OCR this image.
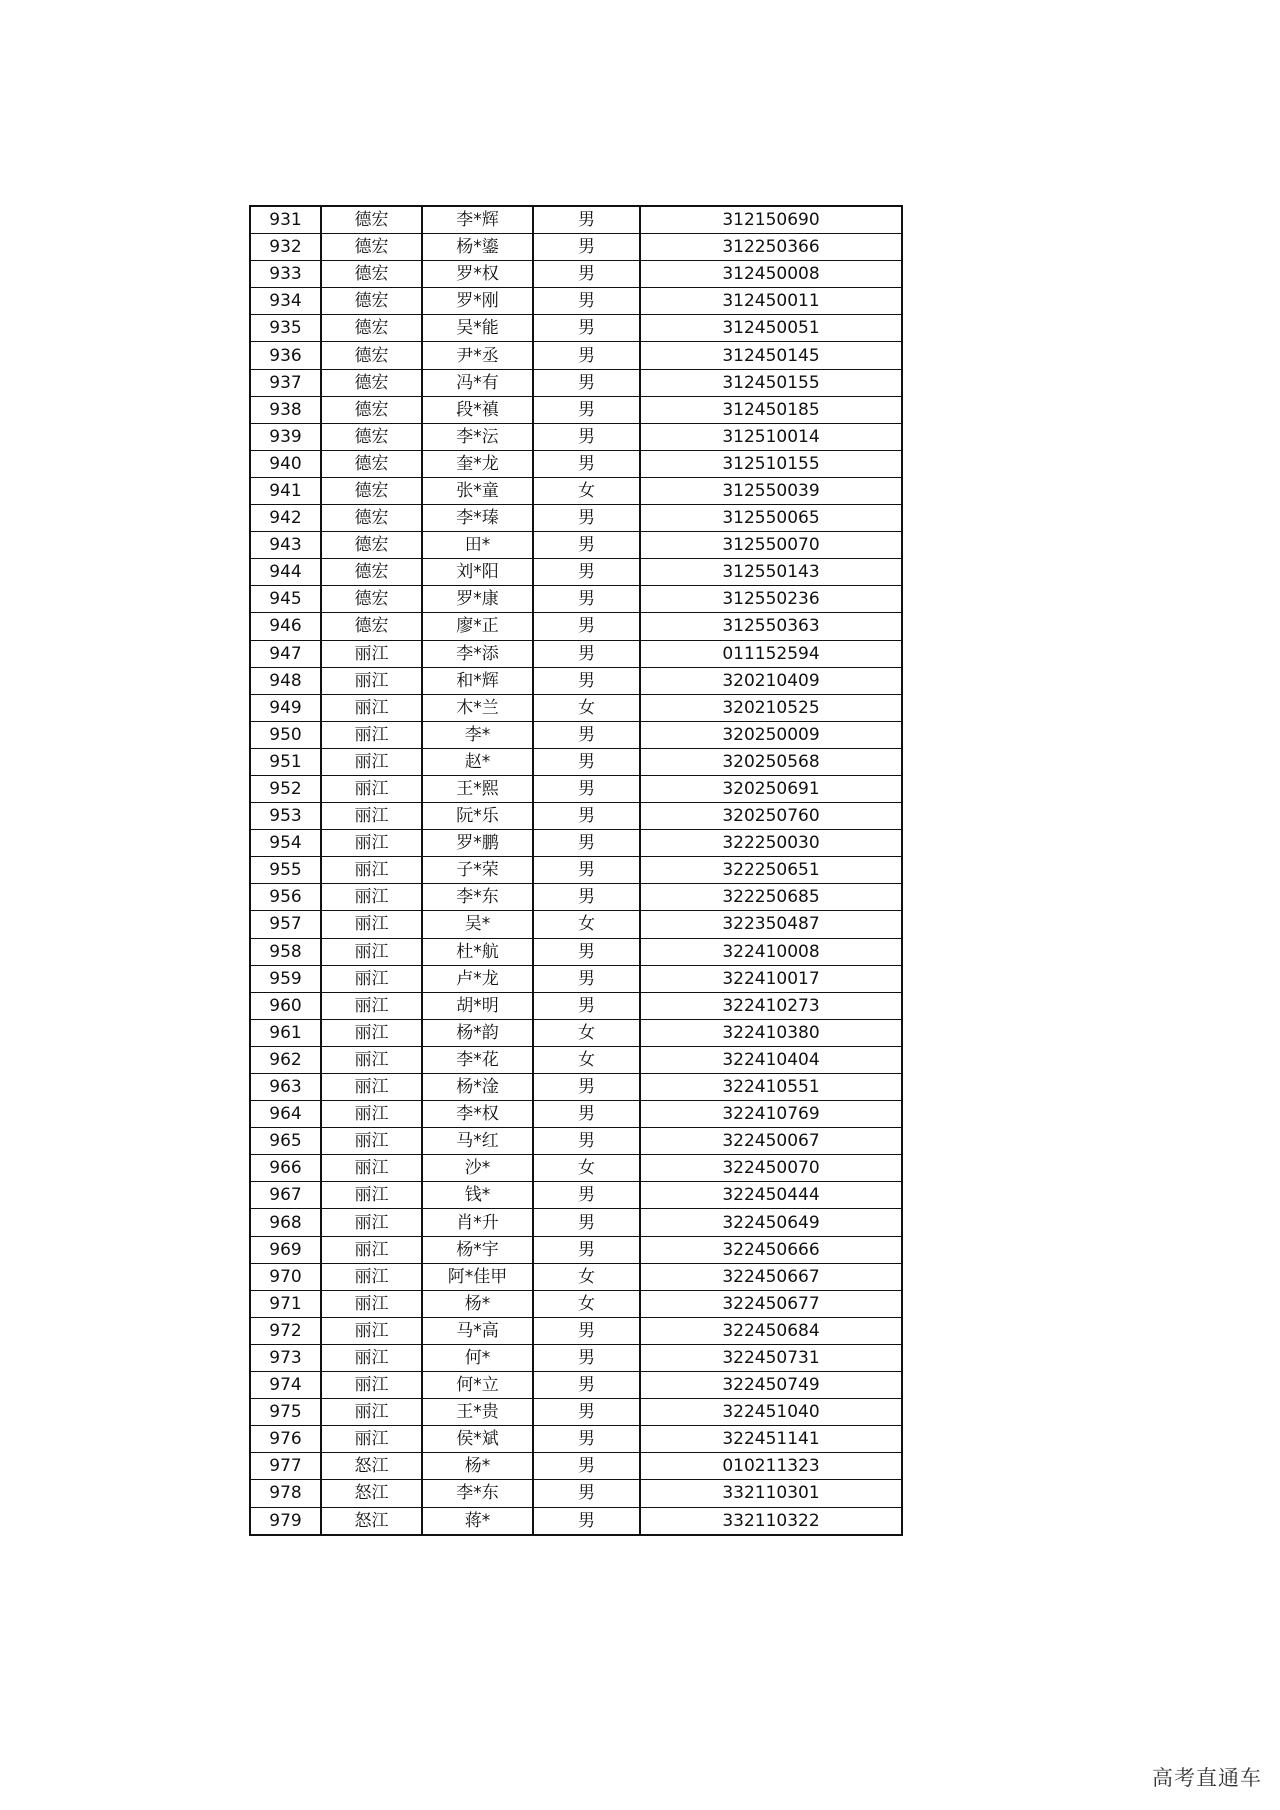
931	德宏	李*辉	男	312150690
932	德宏	杨*鎏	男	312250366
933	德宏	罗*权	男	312450008
934	德宏	罗*刚	男	312450011
935	德宏	吴*能	男	312450051
936	德宏	尹*丞	男	312450145
937	德宏	冯*有	男	312450155
938	德宏	段*禛	男	312450185
939	德宏	李*沄	男	312510014
940	德宏	奎*龙	男	312510155
941	德宏	张*童	女	312550039
942	德宏	李*瑧	男	312550065
943	德宏	田*	男	312550070
944	德宏	刘*阳	男	312550143
945	德宏	罗*康	男	312550236
946	德宏	廖*正	男	312550363
947	丽江	李*添	男	011152594
948	丽江	和*辉	男	320210409
949	丽江	木*兰	女	320210525
950	丽江	李*	男	320250009
951	丽江	赵*	男	320250568
952	丽江	王*熙	男	320250691
953	丽江	阮*乐	男	320250760
954	丽江	罗*鹏	男	322250030
955	丽江	子*荣	男	322250651
956	丽江	李*东	男	322250685
957	丽江	吴*	女	322350487
958	丽江	杜*航	男	322410008
959	丽江	卢*龙	男	322410017
960	丽江	胡*明	男	322410273
961	丽江	杨*韵	女	322410380
962	丽江	李*花	女	322410404
963	丽江	杨*淦	男	322410551
964	丽江	李*权	男	322410769
965	丽江	马*红	男	322450067
966	丽江	沙*	女	322450070
967	丽江	钱*	男	322450444
968	丽江	肖*升	男	322450649
969	丽江	杨*宇	男	322450666
970	丽江	阿*佳甲	女	322450667
971	丽江	杨*	女	322450677
972	丽江	马*高	男	322450684
973	丽江	何*	男	322450731
974	丽江	何*立	男	322450749
975	丽江	王*贵	男	322451040
976	丽江	侯*斌	男	322451141
977	怒江	杨*	男	010211323
978	怒江	李*东	男	332110301
979	怒江	蒋*	男	332110322
高考直通车
